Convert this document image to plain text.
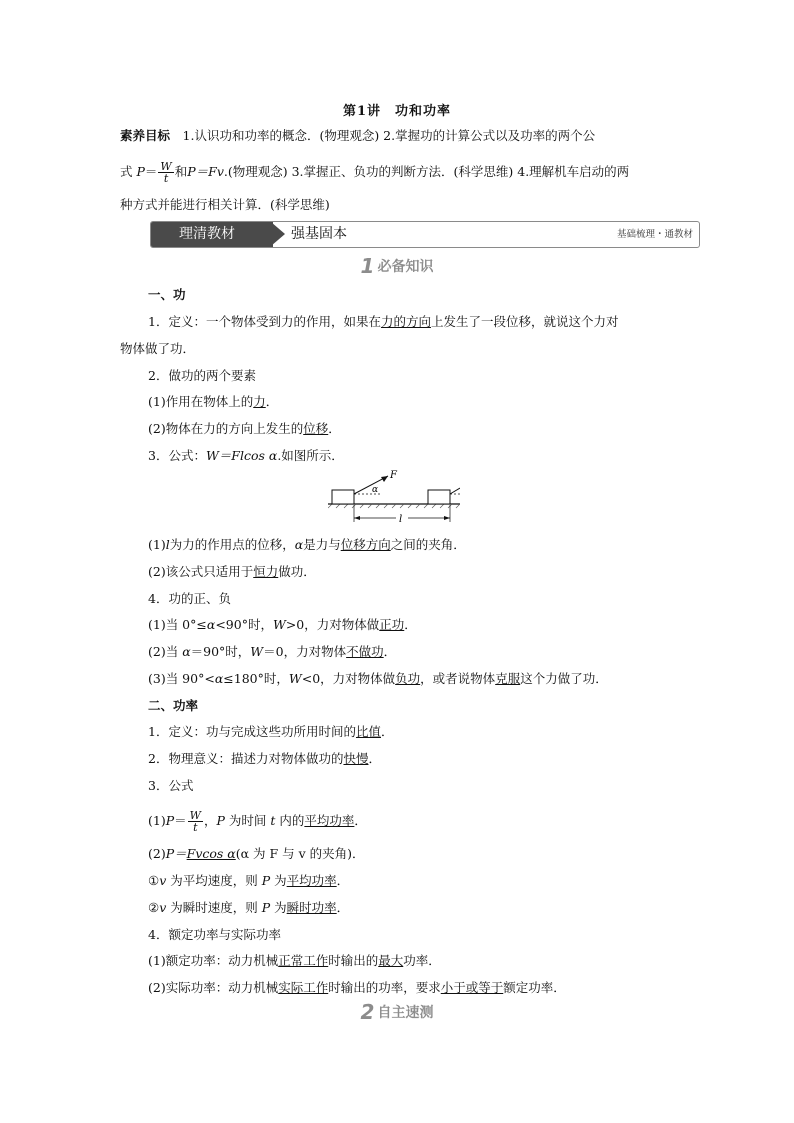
第1讲　功和功率
素养目标　1.认识功和功率的概念．(物理观念) 2.掌握功的计算公式以及功率的两个公
式 $P= \frac{W}{t}$ 和P＝Fv.(物理观念) 3.掌握正、负功的判断方法．(科学思维) 4.理解机车启动的两
种方式并能进行相关计算．(科学思维)
理清教材	强基固本	基础梳理・通教材
1 必备知识
一、功
1．定义：一个物体受到力的作用，如果在力的方向上发生了一段位移，就说这个力对
物体做了功．
2．做功的两个要素
(1)作用在物体上的力．
(2)物体在力的方向上发生的位移．
3．公式：W＝Flcos α.如图所示．
F
α
l
(1)l为力的作用点的位移，α是力与位移方向之间的夹角．
(2)该公式只适用于恒力做功．
4．功的正、负
(1)当 0°≤α<90°时，W>0，力对物体做正功．
(2)当 α＝90°时，W＝0，力对物体不做功．
(3)当 90°<α≤180°时，W<0，力对物体做负功，或者说物体克服这个力做了功．
二、功率
1．定义：功与完成这些功所用时间的比值．
2．物理意义：描述力对物体做功的快慢．
3．公式
$(1)P= \frac{W}{t}$ ，P 为时间 t 内的平均功率．
(2)P＝Fvcos α(α 为 F 与 v 的夹角)．
①v 为平均速度，则 P 为平均功率．
②v 为瞬时速度，则 P 为瞬时功率．
4．额定功率与实际功率
(1)额定功率：动力机械正常工作时输出的最大功率．
(2)实际功率：动力机械实际工作时输出的功率，要求小于或等于额定功率．
2 自主速测
